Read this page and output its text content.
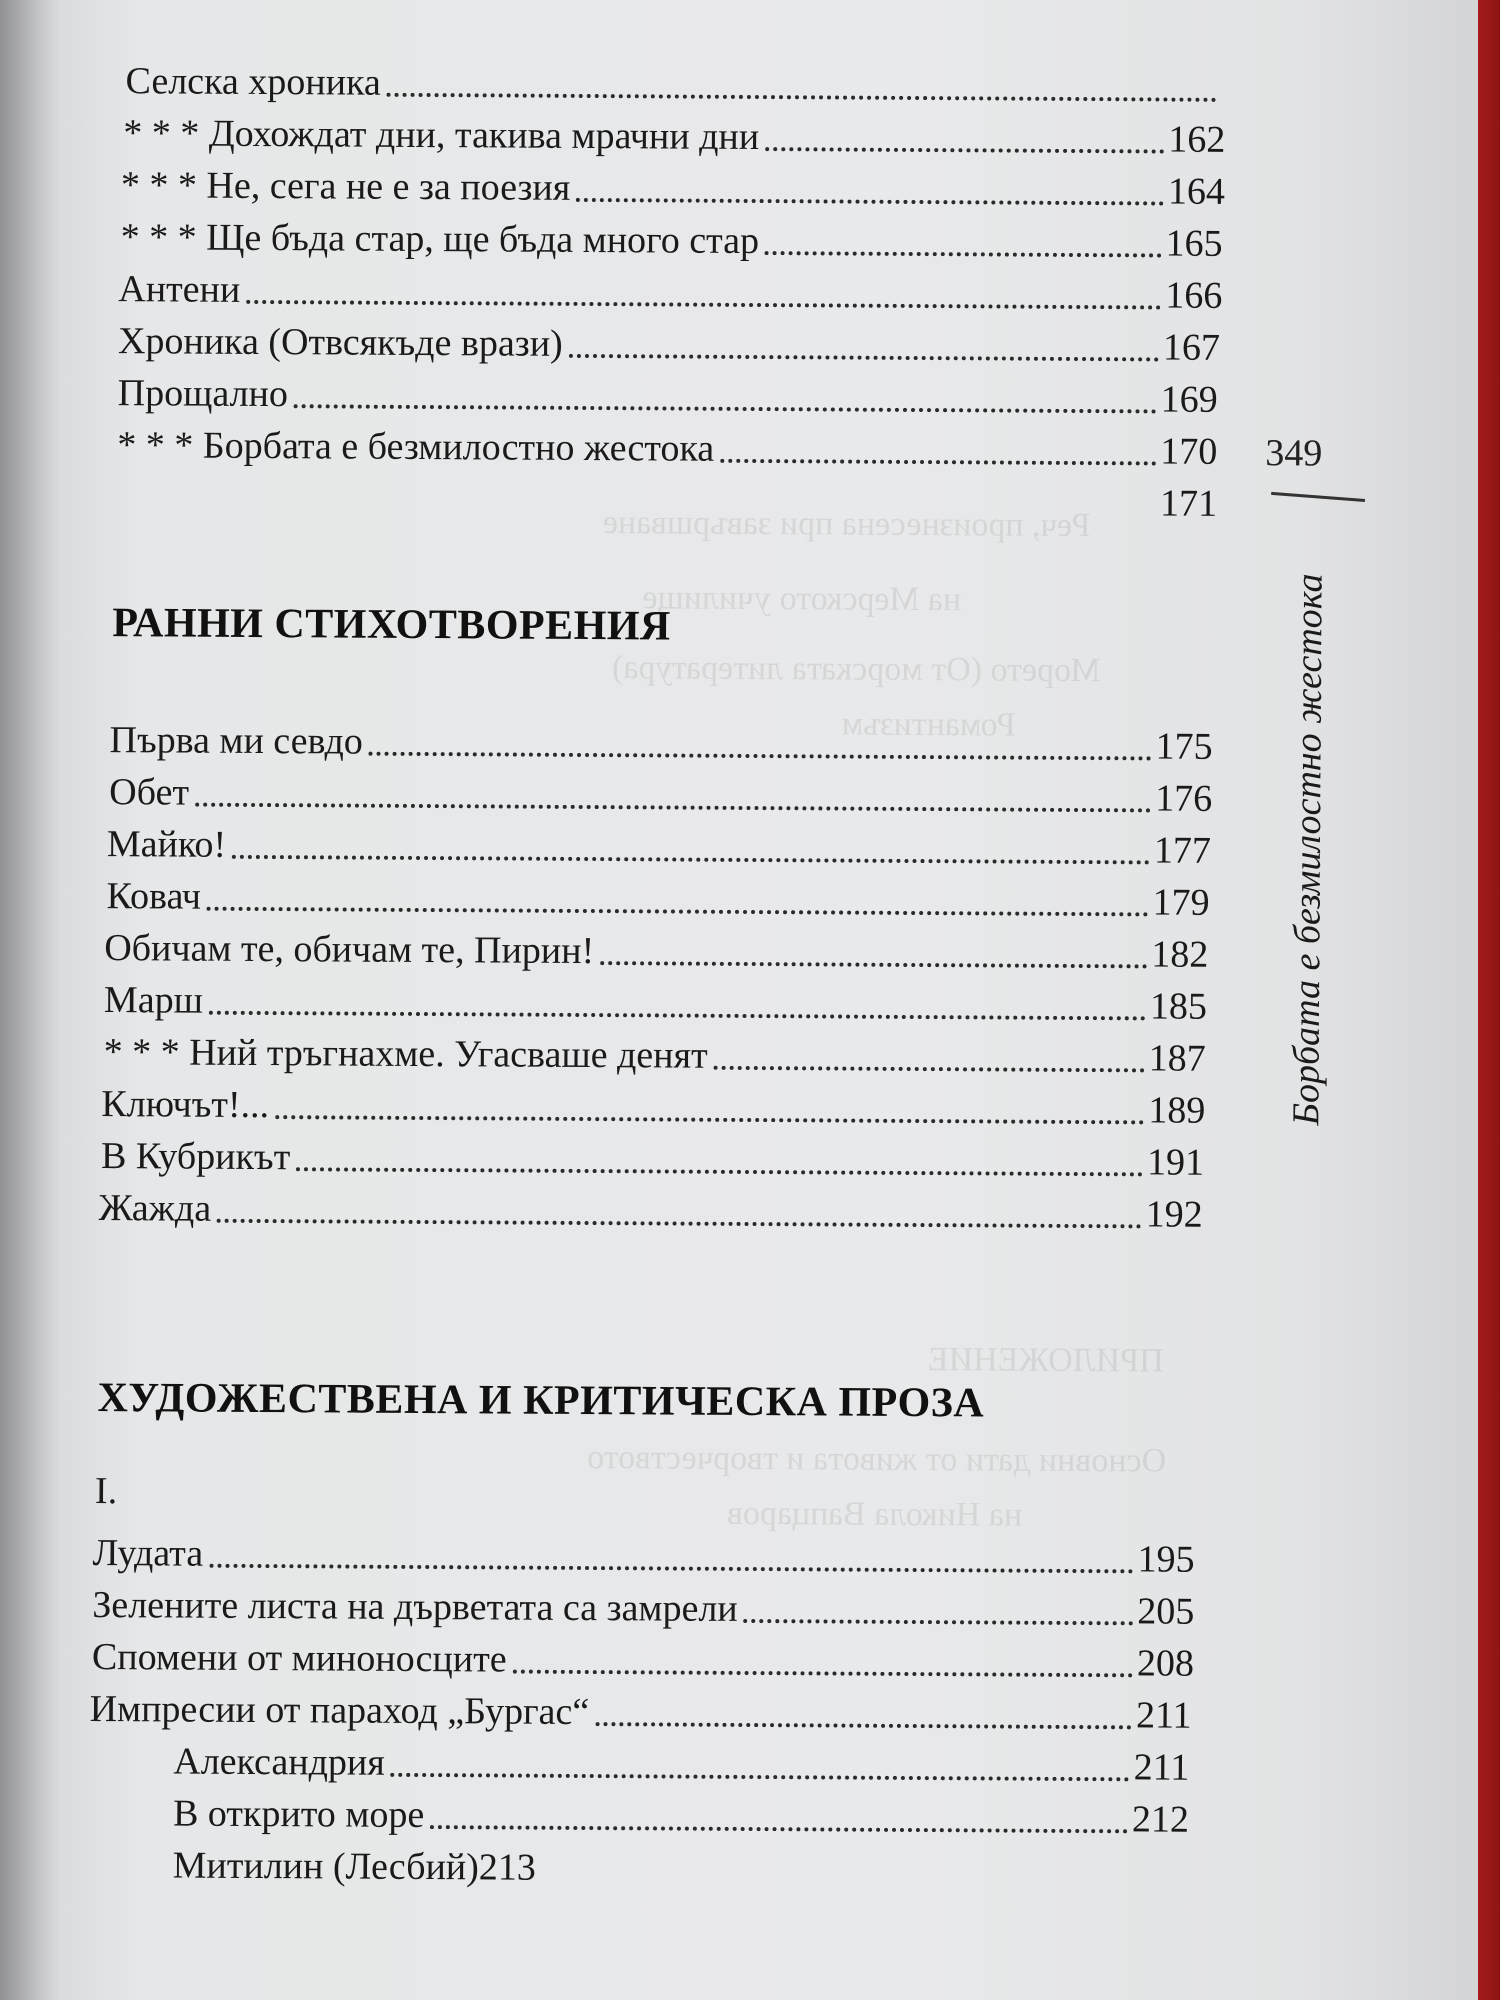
Реч, произнесена при завършване
на Мерското училище
Морето (От морската литература)
Романтизъм
ПРИЛОЖЕНИЕ
Основни дати от живота и творчеството
на Никола Вапцаров
Селска хроника
* * * Дохождат дни, такива мрачни дни	162
* * * Не, сега не е за поезия	164
* * * Ще бъда стар, ще бъда много стар	165
Антени	166
Хроника (Отвсякъде врази)	167
Прощално	169
* * * Борбата е безмилостно жестока	170
171
РАННИ СТИХОТВОРЕНИЯ
Първа ми севдо	175
Обет	176
Майко!	177
Ковач	179
Обичам те, обичам те, Пирин!	182
Марш	185
* * * Ний тръгнахме. Угасваше денят	187
Ключът!...	189
В Кубрикът	191
Жажда	192
ХУДОЖЕСТВЕНА И КРИТИЧЕСКА ПРОЗА
I.
Лудата	195
Зелените листа на дърветата са замрели	205
Спомени от миноносците	208
Импресии от параход „Бургас“	211
Александрия	211
В открито море	212
Митилин (Лесбий) 213
349
Борбата е безмилостно жестока
